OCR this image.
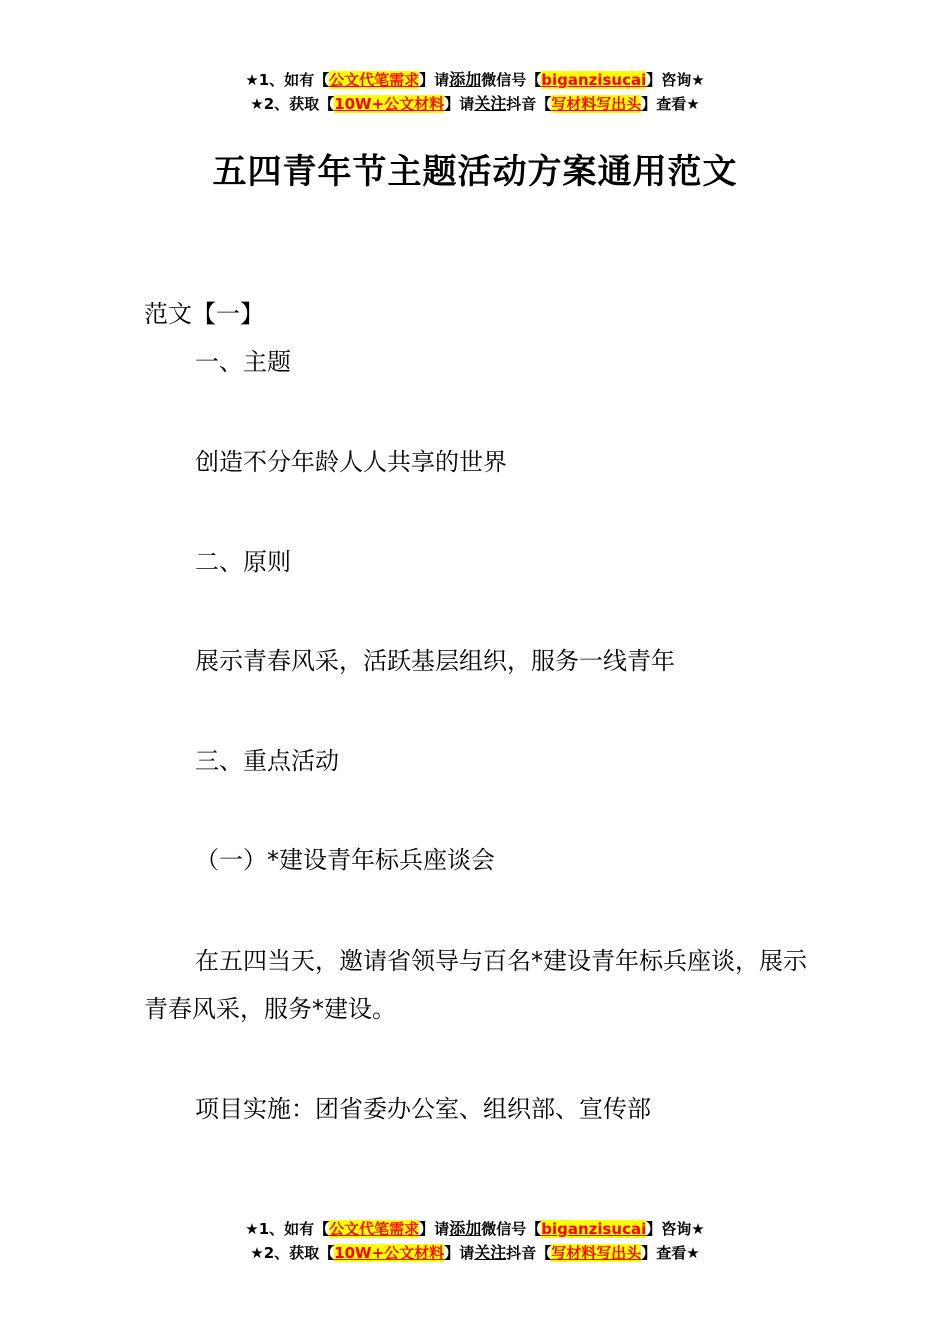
★1、如有【公文代笔需求】请添加微信号【biganzisucai】咨询★
★2、获取【10W+公文材料】请关注抖音【写材料写出头】查看★
五四青年节主题活动方案通用范文

范文【一】

一、主题

创造不分年龄人人共享的世界

二、原则

展示青春风采，活跃基层组织，服务一线青年

三、重点活动

（一）*建设青年标兵座谈会

在五四当天，邀请省领导与百名*建设青年标兵座谈，展示青春风采，服务*建设。

项目实施：团省委办公室、组织部、宣传部

★1、如有【公文代笔需求】请添加微信号【biganzisucai】咨询★
★2、获取【10W+公文材料】请关注抖音【写材料写出头】查看★
